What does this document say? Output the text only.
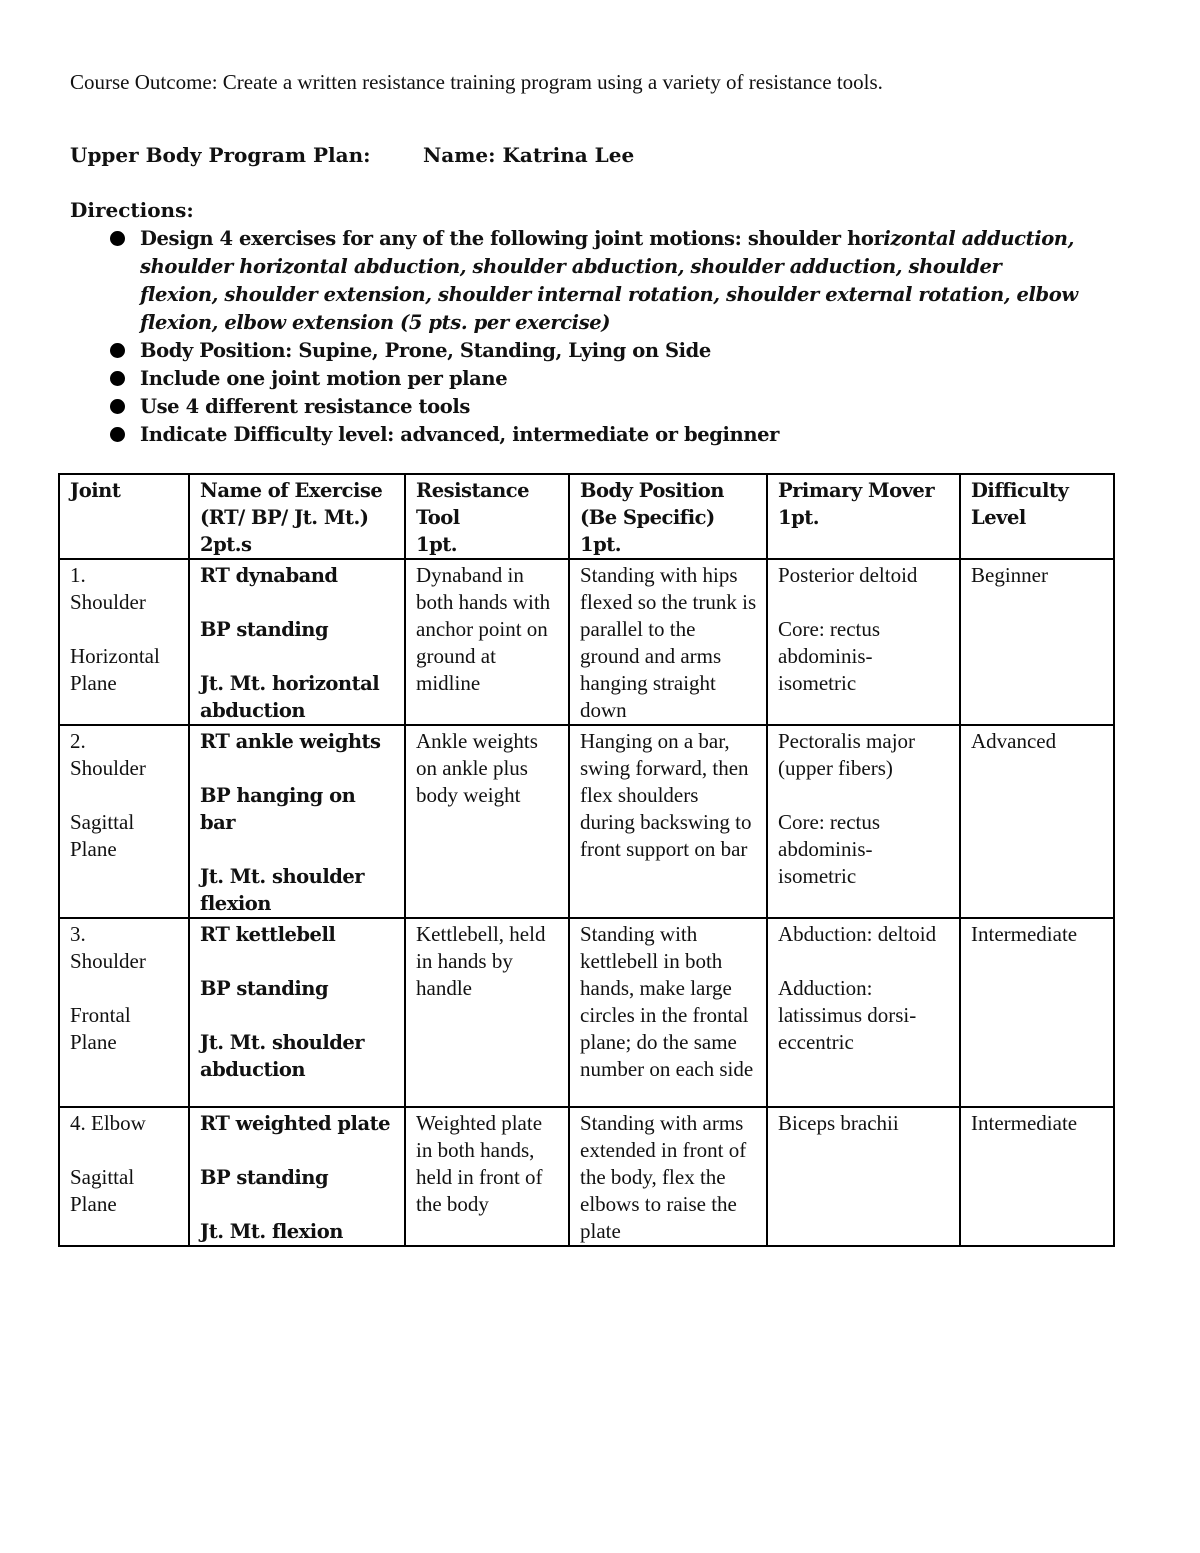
Course Outcome: Create a written resistance training program using a variety of resistance tools.
Upper Body Program Plan:	Name: Katrina Lee
Directions:
Design 4 exercises for any of the following joint motions: shoulder horizontal adduction, shoulder horizontal abduction, shoulder abduction, shoulder adduction, shoulder flexion, shoulder extension, shoulder internal rotation, shoulder external rotation, elbow flexion, elbow extension (5 pts. per exercise)
Body Position: Supine, Prone, Standing, Lying on Side
Include one joint motion per plane
Use 4 different resistance tools
Indicate Difficulty level: advanced, intermediate or beginner
Joint	Name of Exercise
(RT/ BP/ Jt. Mt.)
2pt.s	Resistance
Tool
1pt.	Body Position
(Be Specific)
1pt.	Primary Mover
1pt.	Difficulty
Level

1.
Shoulder
Horizontal
Plane	RT dynaband
BP standing
Jt. Mt. horizontal
abduction	Dynaband in both hands with anchor point on ground at midline	Standing with hips flexed so the trunk is parallel to the ground and arms hanging straight down	Posterior deltoid
Core: rectus abdominis-isometric	Beginner

2.
Shoulder
Sagittal
Plane	RT ankle weights
BP hanging on bar
Jt. Mt. shoulder
flexion	Ankle weights on ankle plus body weight	Hanging on a bar, swing forward, then flex shoulders during backswing to front support on bar	Pectoralis major (upper fibers)
Core: rectus abdominis-isometric	Advanced

3.
Shoulder
Frontal
Plane	RT kettlebell
BP standing
Jt. Mt. shoulder
abduction	Kettlebell, held in hands by handle	Standing with kettlebell in both hands, make large circles in the frontal plane; do the same number on each side	Abduction: deltoid
Adduction: latissimus dorsi-eccentric	Intermediate

4. Elbow
Sagittal
Plane	RT weighted plate
BP standing
Jt. Mt. flexion	Weighted plate in both hands, held in front of the body	Standing with arms extended in front of the body, flex the elbows to raise the plate	Biceps brachii	Intermediate
